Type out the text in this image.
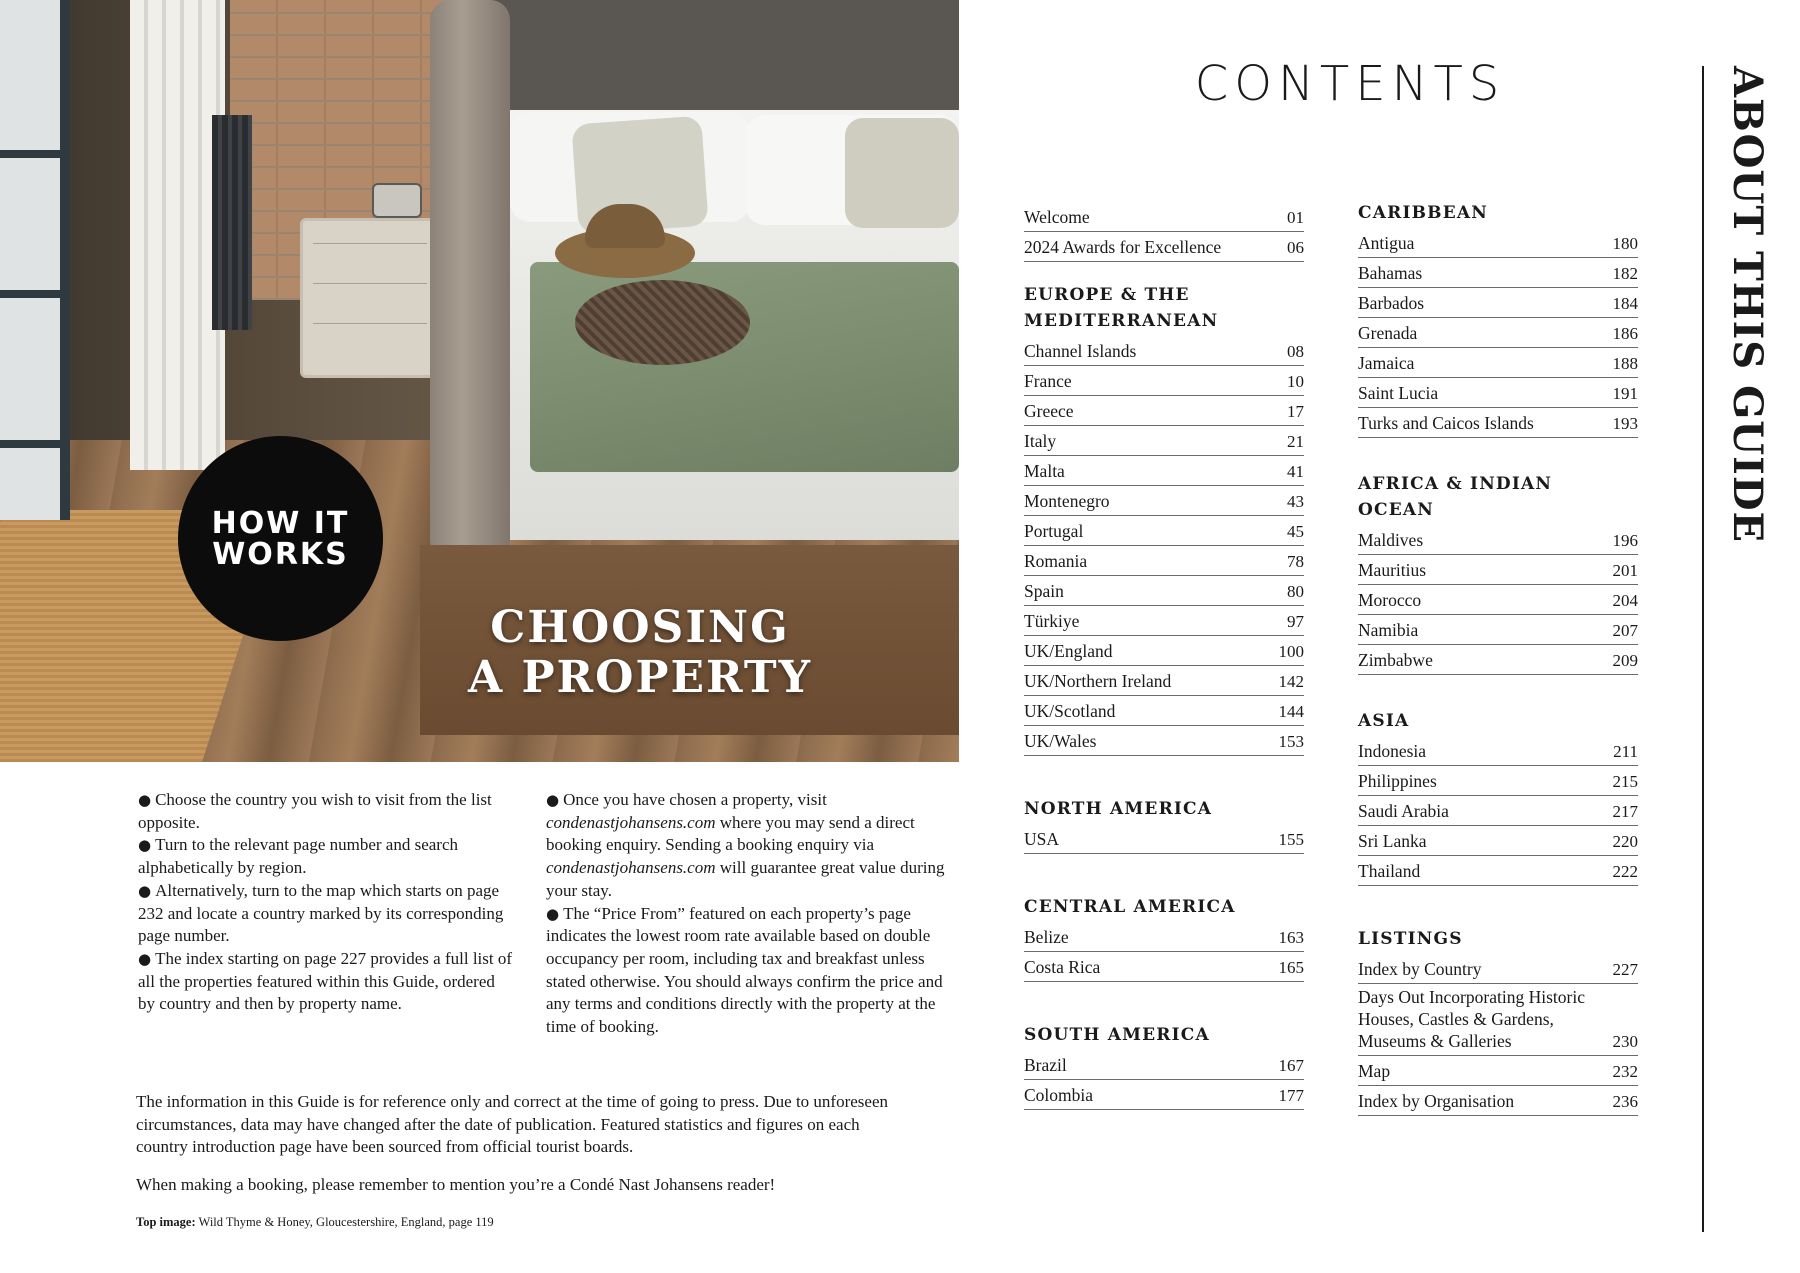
HOW IT
WORKS
CHOOSING
A PROPERTY

● Choose the country you wish to visit from the list opposite.

● Turn to the relevant page number and search alphabetically by region.

● Alternatively, turn to the map which starts on page 232 and locate a country marked by its corresponding page number.

● The index starting on page 227 provides a full list of all the properties featured within this Guide, ordered by country and then by property name.

● Once you have chosen a property, visit condenastjohansens.com where you may send a direct booking enquiry. Sending a booking enquiry via condenastjohansens.com will guarantee great value during your stay.

● The “Price From” featured on each property’s page indicates the lowest room rate available based on double occupancy per room, including tax and breakfast unless stated otherwise. You should always confirm the price and any terms and conditions directly with the property at the time of booking.

The information in this Guide is for reference only and correct at the time of going to press. Due to unforeseen circumstances, data may have changed after the date of publication. Featured statistics and figures on each country introduction page have been sourced from official tourist boards.
When making a booking, please remember to mention you’re a Condé Nast Johansens reader!
Top image: Wild Thyme & Honey, Gloucestershire, England, page 119
CONTENTS
Welcome	01
2024 Awards for Excellence	06
EUROPE & THE
MEDITERRANEAN
Channel Islands	08
France	10
Greece	17
Italy	21
Malta	41
Montenegro	43
Portugal	45
Romania	78
Spain	80
Türkiye	97
UK/England	100
UK/Northern Ireland	142
UK/Scotland	144
UK/Wales	153
NORTH AMERICA
USA	155
CENTRAL AMERICA
Belize	163
Costa Rica	165
SOUTH AMERICA
Brazil	167
Colombia	177
CARIBBEAN
Antigua	180
Bahamas	182
Barbados	184
Grenada	186
Jamaica	188
Saint Lucia	191
Turks and Caicos Islands	193
AFRICA & INDIAN
OCEAN
Maldives	196
Mauritius	201
Morocco	204
Namibia	207
Zimbabwe	209
ASIA
Indonesia	211
Philippines	215
Saudi Arabia	217
Sri Lanka	220
Thailand	222
LISTINGS
Index by Country	227
Days Out Incorporating Historic
Houses, Castles & Gardens,
Museums & Galleries	230
Map	232
Index by Organisation	236
ABOUT THIS GUIDE
